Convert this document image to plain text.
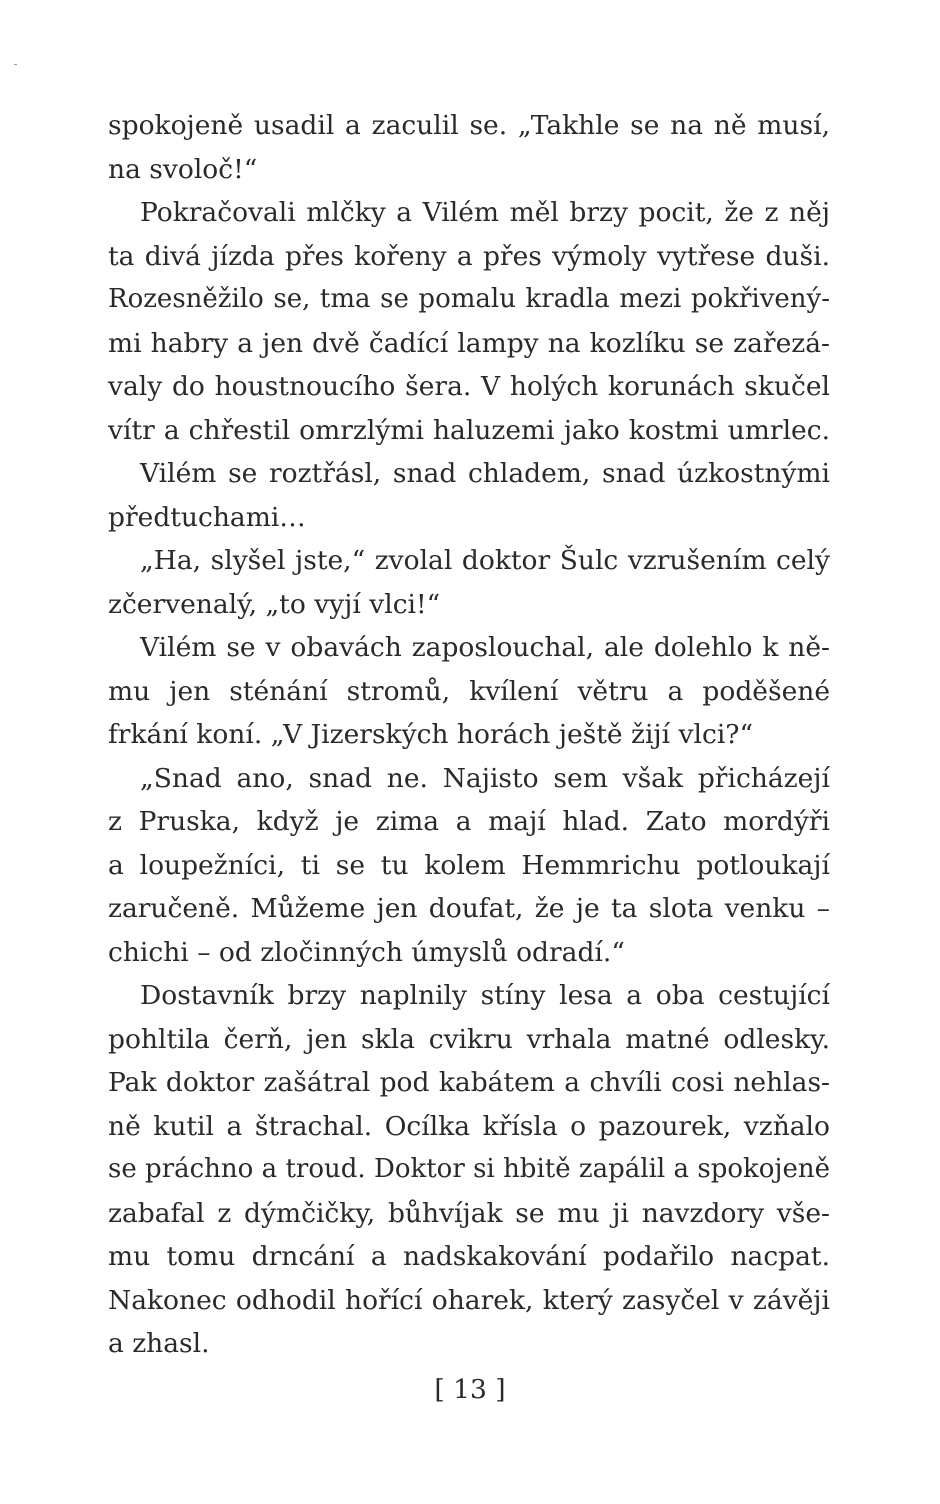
spokojeně usadil a zaculil se. „Takhle se na ně musí,
na svoloč!“
Pokračovali mlčky a Vilém měl brzy pocit, že z něj
ta divá jízda přes kořeny a přes výmoly vytřese duši.
Rozesněžilo se, tma se pomalu kradla mezi pokřivený-
mi habry a jen dvě čadící lampy na kozlíku se zařezá-
valy do houstnoucího šera. V holých korunách skučel
vítr a chřestil omrzlými haluzemi jako kostmi umrlec.
Vilém se roztřásl, snad chladem, snad úzkostnými
předtuchami…
„Ha, slyšel jste,“ zvolal doktor Šulc vzrušením celý
zčervenalý, „to vyjí vlci!“
Vilém se v obavách zaposlouchal, ale dolehlo k ně-
mu jen sténání stromů, kvílení větru a poděšené
frkání koní. „V Jizerských horách ještě žijí vlci?“
„Snad ano, snad ne. Najisto sem však přicházejí
z Pruska, když je zima a mají hlad. Zato mordýři
a loupežníci, ti se tu kolem Hemmrichu potloukají
zaručeně. Můžeme jen doufat, že je ta slota venku –
chichi – od zločinných úmyslů odradí.“
Dostavník brzy naplnily stíny lesa a oba cestující
pohltila čerň, jen skla cvikru vrhala matné odlesky.
Pak doktor zašátral pod kabátem a chvíli cosi nehlas-
ně kutil a štrachal. Ocílka křísla o pazourek, vzňalo
se práchno a troud. Doktor si hbitě zapálil a spokojeně
zabafal z dýmčičky, bůhvíjak se mu ji navzdory vše-
mu tomu drncání a nadskakování podařilo nacpat.
Nakonec odhodil hořící oharek, který zasyčel v závěji
a zhasl.
[ 13 ]
